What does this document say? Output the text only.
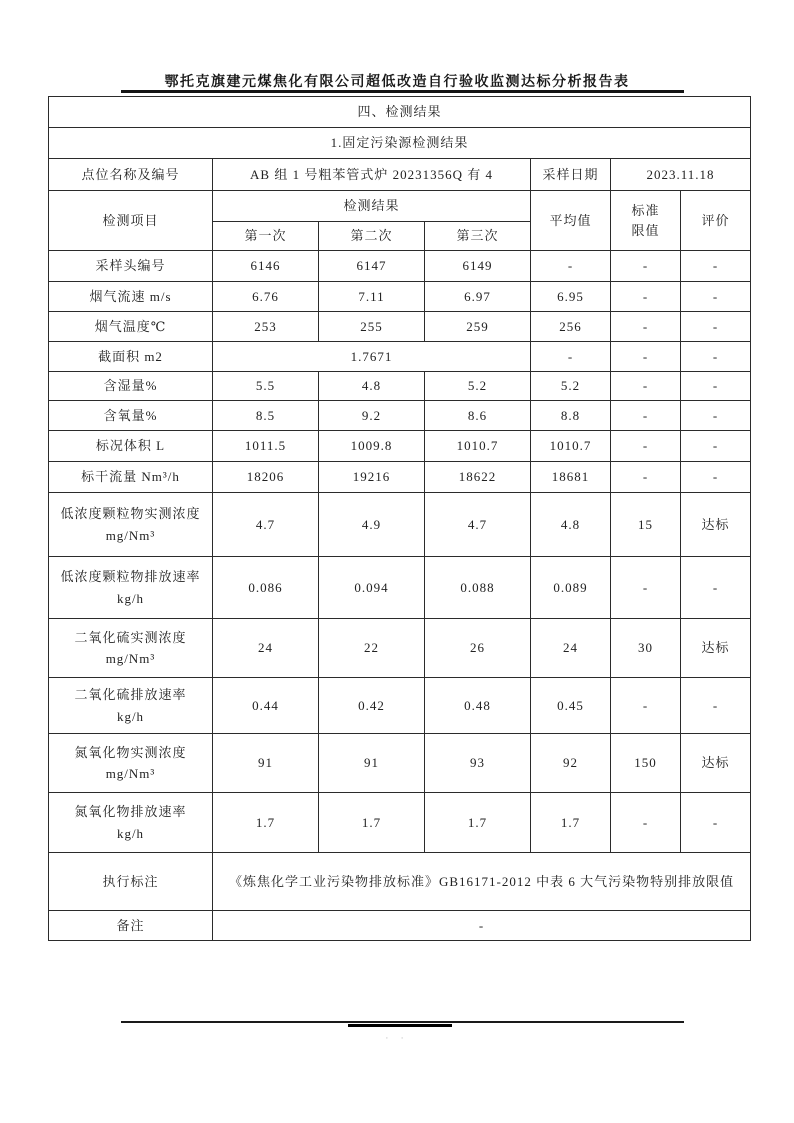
鄂托克旗建元煤焦化有限公司超低改造自行验收监测达标分析报告表
四、检测结果						
1.固定污染源检测结果						
点位名称及编号	AB 组 1 号粗苯管式炉 20231356Q 有 4			采样日期	2023.11.18	
检测项目	检测结果			平均值	标准限值	评价
	第一次	第二次	第三次			
采样头编号	6146	6147	6149	-	-	-
烟气流速 m/s	6.76	7.11	6.97	6.95	-	-
烟气温度℃	253	255	259	256	-	-
截面积 m2	1.7671			-	-	-
含湿量%	5.5	4.8	5.2	5.2	-	-
含氧量%	8.5	9.2	8.6	8.8	-	-
标况体积 L	1011.5	1009.8	1010.7	1010.7	-	-
标干流量 Nm³/h	18206	19216	18622	18681	-	-

低浓度颗粒物实测浓度
mg/Nm³	4.7	4.9	4.7	4.8	15	达标

低浓度颗粒物排放速率
kg/h	0.086	0.094	0.088	0.089	-	-

二氧化硫实测浓度
mg/Nm³	24	22	26	24	30	达标

二氧化硫排放速率
kg/h	0.44	0.42	0.48	0.45	-	-

氮氧化物实测浓度
mg/Nm³	91	91	93	92	150	达标

氮氧化物排放速率
kg/h	1.7	1.7	1.7	1.7	-	-
执行标注	《炼焦化学工业污染物排放标准》GB16171-2012 中表 6 大气污染物特别排放限值					
备注	-					
· ·
